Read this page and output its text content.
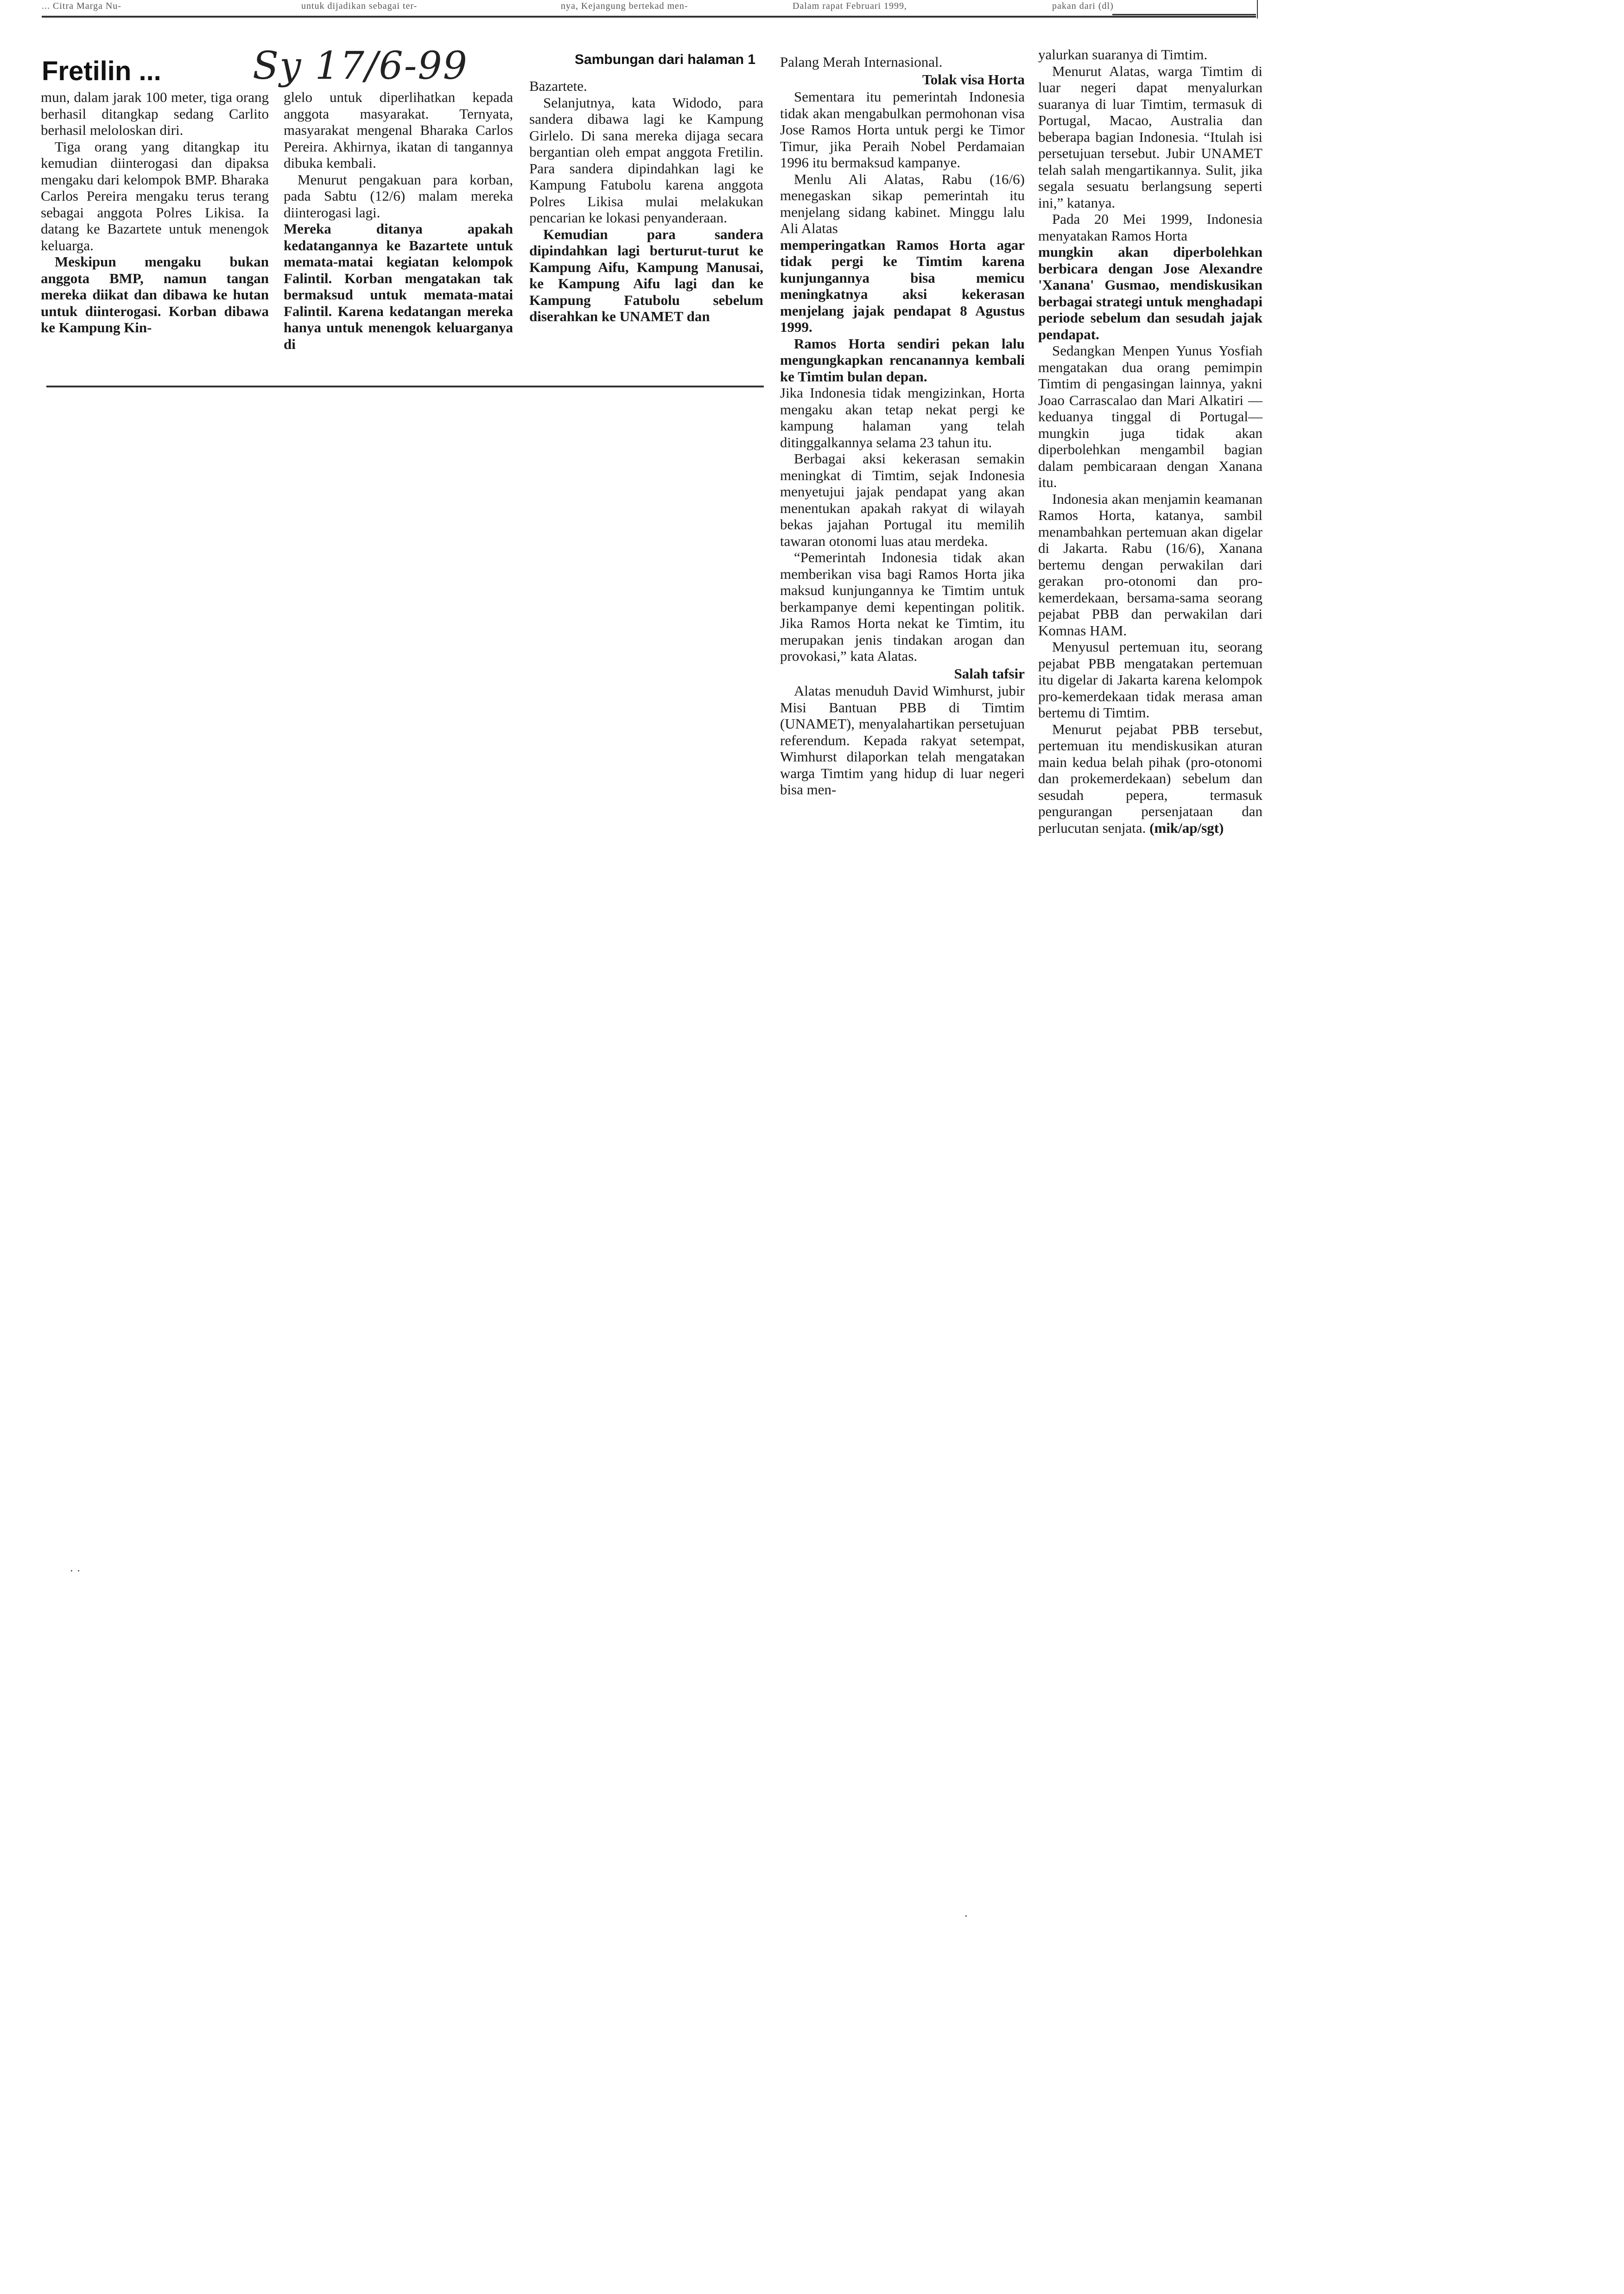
... Citra Marga Nu-	untuk dijadikan sebagai ter-	nya, Kejangung bertekad men-	Dalam rapat Februari 1999,	pakan dari (dl)
Fretilin ... Sy 17/6-99	Sambungan dari halaman 1

mun, dalam jarak 100 meter, tiga orang berhasil ditangkap sedang Carlito berhasil meloloskan diri.

Tiga orang yang ditangkap itu kemudian diinterogasi dan dipaksa mengaku dari kelompok BMP. Bharaka Carlos Pereira mengaku terus terang sebagai anggota Polres Likisa. Ia datang ke Bazartete untuk menengok keluarga.

Meskipun mengaku bukan anggota BMP, namun tangan mereka diikat dan dibawa ke hutan untuk diinterogasi. Korban dibawa ke Kampung Kin-

glelo untuk diperlihatkan kepada anggota masyarakat. Ternyata, masyarakat mengenal Bharaka Carlos Pereira. Akhirnya, ikatan di tangannya dibuka kembali.

Menurut pengakuan para korban, pada Sabtu (12/6) malam mereka diinterogasi lagi.

Mereka ditanya apakah kedatangannya ke Bazartete untuk memata-matai kegiatan kelompok Falintil. Korban mengatakan tak bermaksud untuk memata-matai Falintil. Karena kedatangan mereka hanya untuk menengok keluarganya di

Bazartete.

Selanjutnya, kata Widodo, para sandera dibawa lagi ke Kampung Girlelo. Di sana mereka dijaga secara bergantian oleh empat anggota Fretilin. Para sandera dipindahkan lagi ke Kampung Fatubolu karena anggota Polres Likisa mulai melakukan pencarian ke lokasi penyanderaan.

Kemudian para sandera dipindahkan lagi berturut-turut ke Kampung Aifu, Kampung Manusai, ke Kampung Aifu lagi dan ke Kampung Fatubolu sebelum diserahkan ke UNAMET dan

Palang Merah Internasional.

Tolak visa Horta

Sementara itu pemerintah Indonesia tidak akan mengabulkan permohonan visa Jose Ramos Horta untuk pergi ke Timor Timur, jika Peraih Nobel Perdamaian 1996 itu bermaksud kampanye.

Menlu Ali Alatas, Rabu (16/6) menegaskan sikap pemerintah itu menjelang sidang kabinet. Minggu lalu Ali Alatas

memperingatkan Ramos Horta agar tidak pergi ke Timtim karena kunjungannya bisa memicu meningkatnya aksi kekerasan menjelang jajak pendapat 8 Agustus 1999.

Ramos Horta sendiri pekan lalu mengungkapkan rencanannya kembali ke Timtim bulan depan.

Jika Indonesia tidak mengizinkan, Horta mengaku akan tetap nekat pergi ke kampung halaman yang telah ditinggalkannya selama 23 tahun itu.

Berbagai aksi kekerasan semakin meningkat di Timtim, sejak Indonesia menyetujui jajak pendapat yang akan menentukan apakah rakyat di wilayah bekas jajahan Portugal itu memilih tawaran otonomi luas atau merdeka.

“Pemerintah Indonesia tidak akan memberikan visa bagi Ramos Horta jika maksud kunjungannya ke Timtim untuk berkampanye demi kepentingan politik. Jika Ramos Horta nekat ke Timtim, itu merupakan jenis tindakan arogan dan provokasi,” kata Alatas.

Salah tafsir

Alatas menuduh David Wimhurst, jubir Misi Bantuan PBB di Timtim (UNAMET), menyalahartikan persetujuan referendum. Kepada rakyat setempat, Wimhurst dilaporkan telah mengatakan warga Timtim yang hidup di luar negeri bisa men-

yalurkan suaranya di Timtim.

Menurut Alatas, warga Timtim di luar negeri dapat menyalurkan suaranya di luar Timtim, termasuk di Portugal, Macao, Australia dan beberapa bagian Indonesia. “Itulah isi persetujuan tersebut. Jubir UNAMET telah salah mengartikannya. Sulit, jika segala sesuatu berlangsung seperti ini,” katanya.

Pada 20 Mei 1999, Indonesia menyatakan Ramos Horta

mungkin akan diperbolehkan berbicara dengan Jose Alexandre 'Xanana' Gusmao, mendiskusikan berbagai strategi untuk menghadapi periode sebelum dan sesudah jajak pendapat.

Sedangkan Menpen Yunus Yosfiah mengatakan dua orang pemimpin Timtim di pengasingan lainnya, yakni Joao Carrascalao dan Mari Alkatiri —keduanya tinggal di Portugal— mungkin juga tidak akan diperbolehkan mengambil bagian dalam pembicaraan dengan Xanana itu.

Indonesia akan menjamin keamanan Ramos Horta, katanya, sambil menambahkan pertemuan akan digelar di Jakarta. Rabu (16/6), Xanana bertemu dengan perwakilan dari gerakan pro-otonomi dan pro-kemerdekaan, bersama-sama seorang pejabat PBB dan perwakilan dari Komnas HAM.

Menyusul pertemuan itu, seorang pejabat PBB mengatakan pertemuan itu digelar di Jakarta karena kelompok pro-kemerdekaan tidak merasa aman bertemu di Timtim.

Menurut pejabat PBB tersebut, pertemuan itu mendiskusikan aturan main kedua belah pihak (pro-otonomi dan prokemerdekaan) sebelum dan sesudah pepera, termasuk pengurangan persenjataan dan perlucutan senjata. (mik/ap/sgt)

· ·
·
